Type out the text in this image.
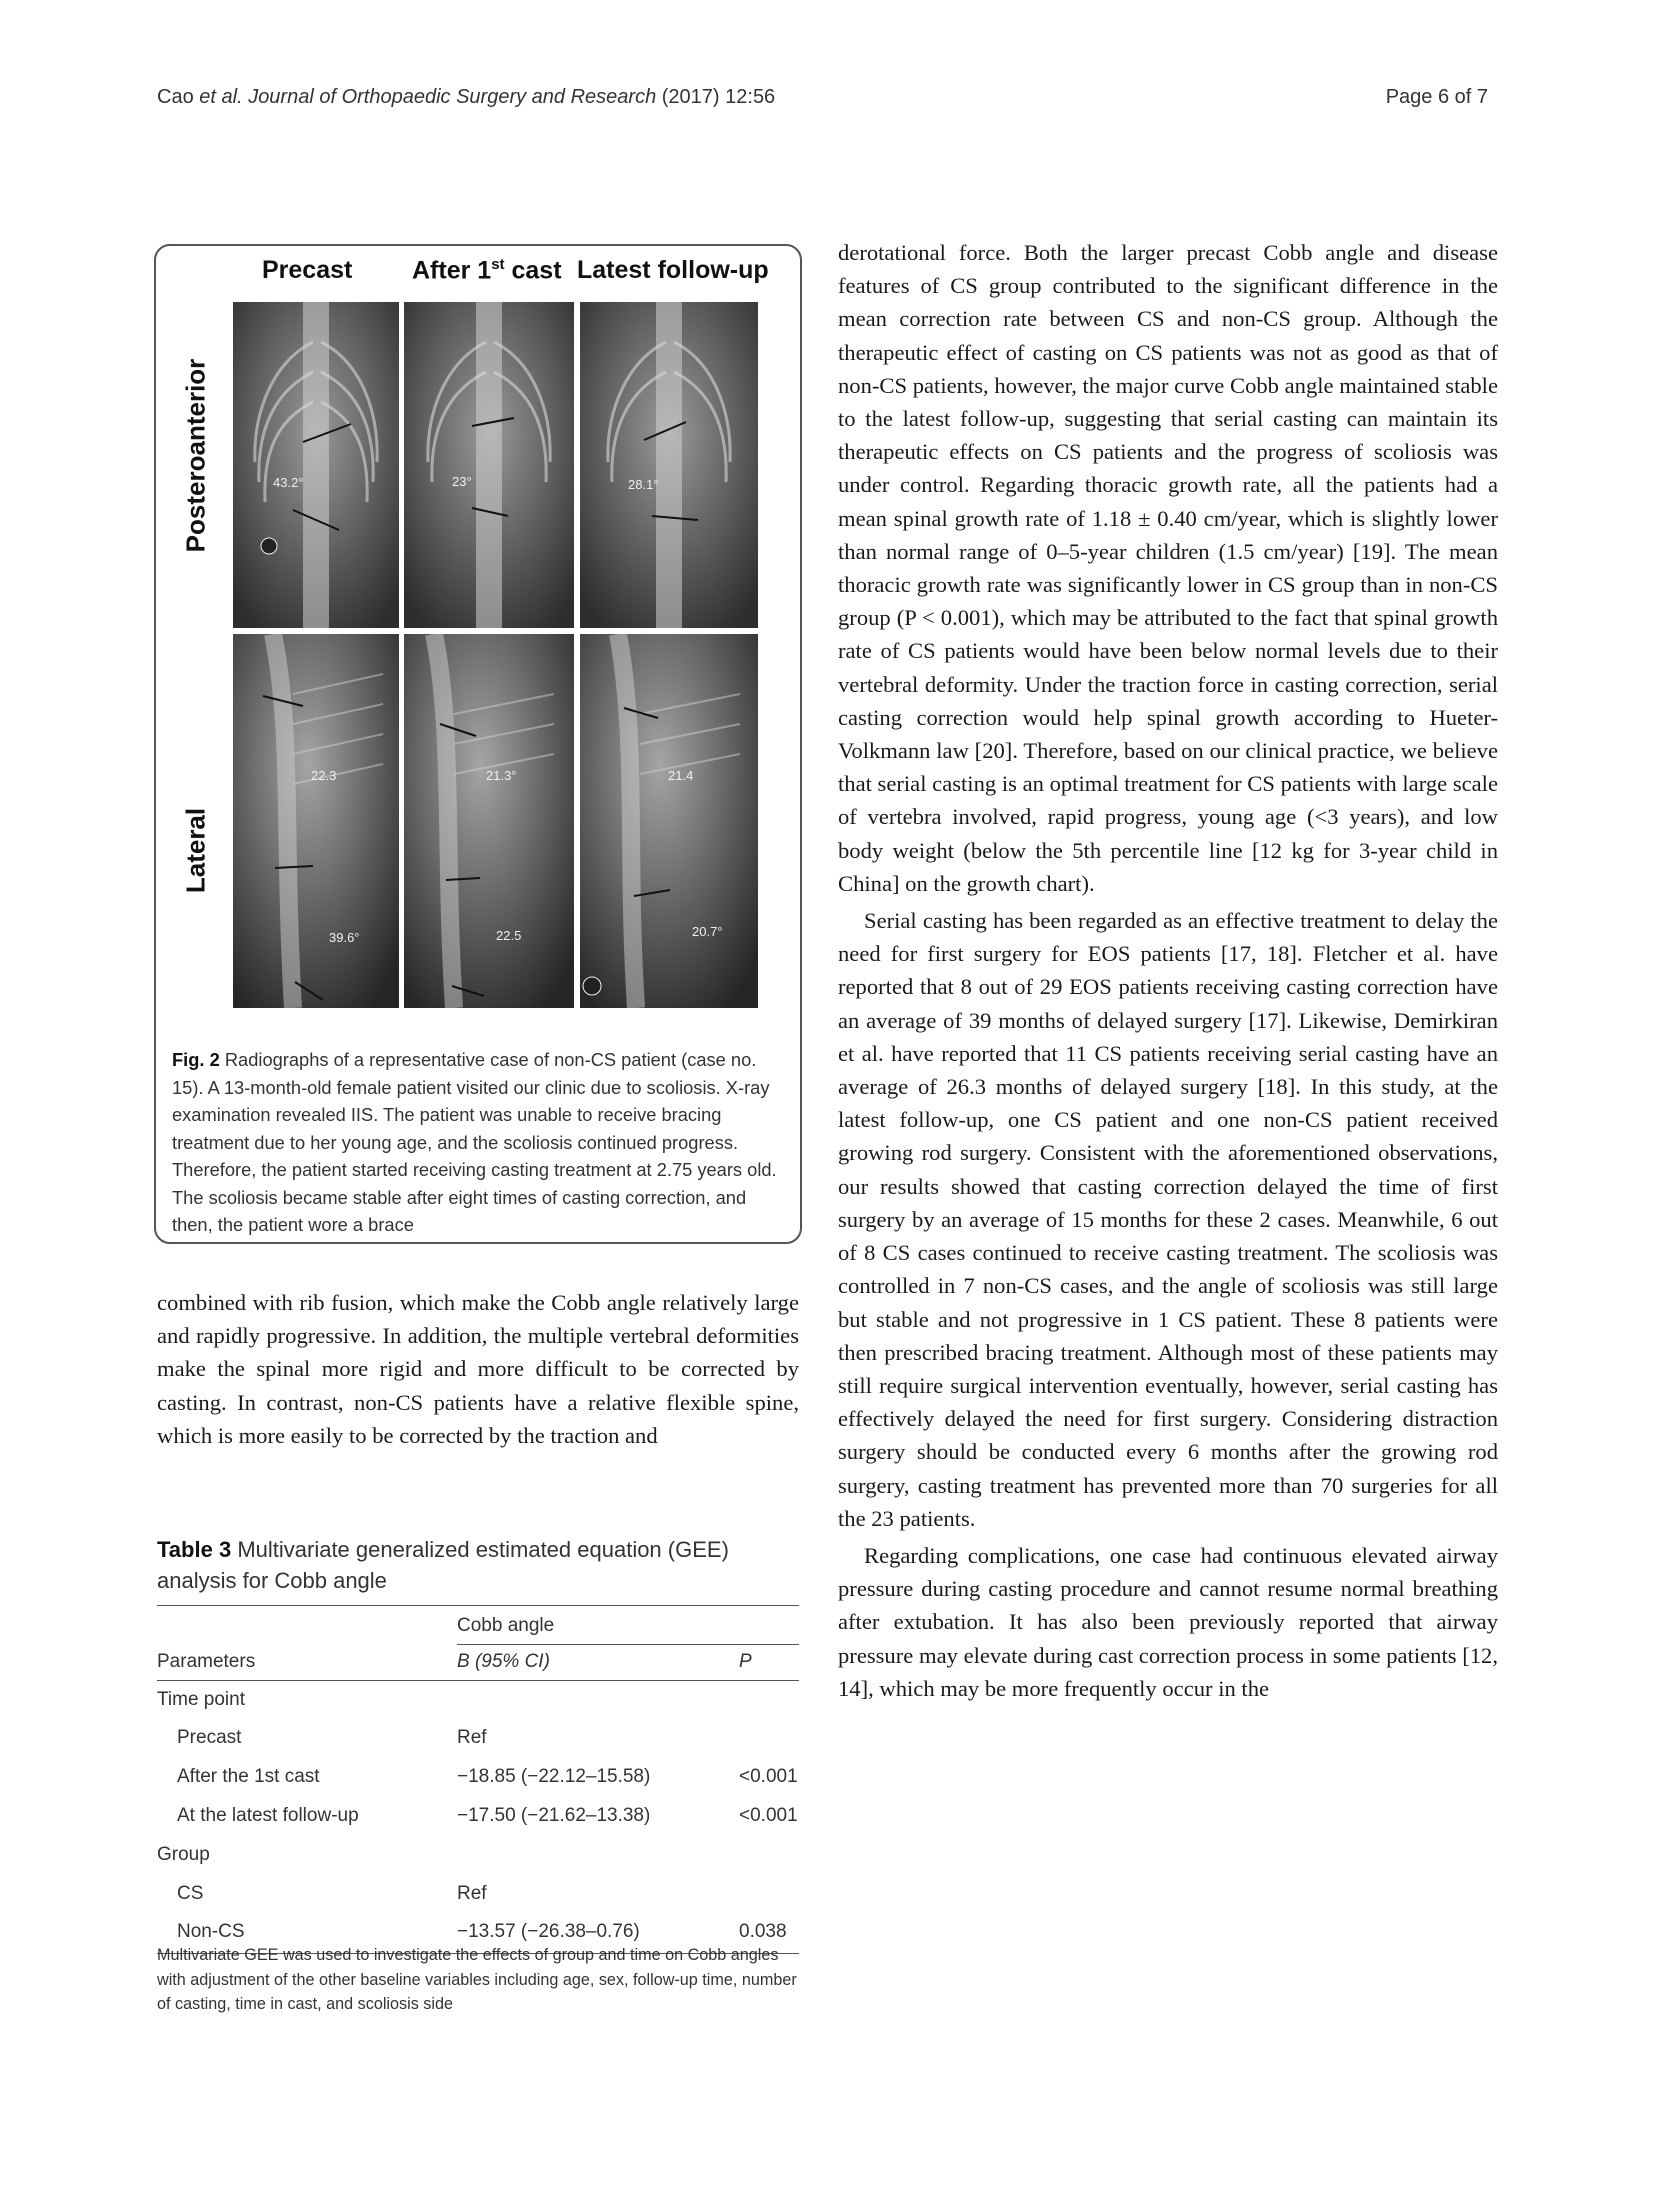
Cao et al. Journal of Orthopaedic Surgery and Research (2017) 12:56	Page 6 of 7
Precast After 1st cast Latest follow-up
Posteroanterior
Lateral
43.2°	23°	28.1°
22.3
39.6°
21.3°
22.5
21.4
20.7°
Fig. 2 Radiographs of a representative case of non-CS patient (case no. 15). A 13-month-old female patient visited our clinic due to scoliosis. X-ray examination revealed IIS. The patient was unable to receive bracing treatment due to her young age, and the scoliosis continued progress. Therefore, the patient started receiving casting treatment at 2.75 years old. The scoliosis became stable after eight times of casting correction, and then, the patient wore a brace

combined with rib fusion, which make the Cobb angle relatively large and rapidly progressive. In addition, the multiple vertebral deformities make the spinal more rigid and more difficult to be corrected by casting. In contrast, non-CS patients have a relative flexible spine, which is more easily to be corrected by the traction and

Table 3 Multivariate generalized estimated equation (GEE) analysis for Cobb angle
Cobb angle
Parameters	B (95% CI)	P
Time point
Precast	Ref
After the 1st cast	−18.85 (−22.12–15.58)	<0.001
At the latest follow-up	−17.50 (−21.62–13.38)	<0.001
Group
CS	Ref
Non-CS	−13.57 (−26.38–0.76)	0.038
Multivariate GEE was used to investigate the effects of group and time on Cobb angles with adjustment of the other baseline variables including age, sex, follow-up time, number of casting, time in cast, and scoliosis side

derotational force. Both the larger precast Cobb angle and disease features of CS group contributed to the significant difference in the mean correction rate between CS and non-CS group. Although the therapeutic effect of casting on CS patients was not as good as that of non-CS patients, however, the major curve Cobb angle maintained stable to the latest follow-up, suggesting that serial casting can maintain its therapeutic effects on CS patients and the progress of scoliosis was under control. Regarding thoracic growth rate, all the patients had a mean spinal growth rate of 1.18 ± 0.40 cm/year, which is slightly lower than normal range of 0–5-year children (1.5 cm/year) [19]. The mean thoracic growth rate was significantly lower in CS group than in non-CS group (P < 0.001), which may be attributed to the fact that spinal growth rate of CS patients would have been below normal levels due to their vertebral deformity. Under the traction force in casting correction, serial casting correction would help spinal growth according to Hueter-Volkmann law [20]. Therefore, based on our clinical practice, we believe that serial casting is an optimal treatment for CS patients with large scale of vertebra involved, rapid progress, young age (<3 years), and low body weight (below the 5th percentile line [12 kg for 3-year child in China] on the growth chart).

Serial casting has been regarded as an effective treatment to delay the need for first surgery for EOS patients [17, 18]. Fletcher et al. have reported that 8 out of 29 EOS patients receiving casting correction have an average of 39 months of delayed surgery [17]. Likewise, Demirkiran et al. have reported that 11 CS patients receiving serial casting have an average of 26.3 months of delayed surgery [18]. In this study, at the latest follow-up, one CS patient and one non-CS patient received growing rod surgery. Consistent with the aforementioned observations, our results showed that casting correction delayed the time of first surgery by an average of 15 months for these 2 cases. Meanwhile, 6 out of 8 CS cases continued to receive casting treatment. The scoliosis was controlled in 7 non-CS cases, and the angle of scoliosis was still large but stable and not progressive in 1 CS patient. These 8 patients were then prescribed bracing treatment. Although most of these patients may still require surgical intervention eventually, however, serial casting has effectively delayed the need for first surgery. Considering distraction surgery should be conducted every 6 months after the growing rod surgery, casting treatment has prevented more than 70 surgeries for all the 23 patients.

Regarding complications, one case had continuous elevated airway pressure during casting procedure and cannot resume normal breathing after extubation. It has also been previously reported that airway pressure may elevate during cast correction process in some patients [12, 14], which may be more frequently occur in the
